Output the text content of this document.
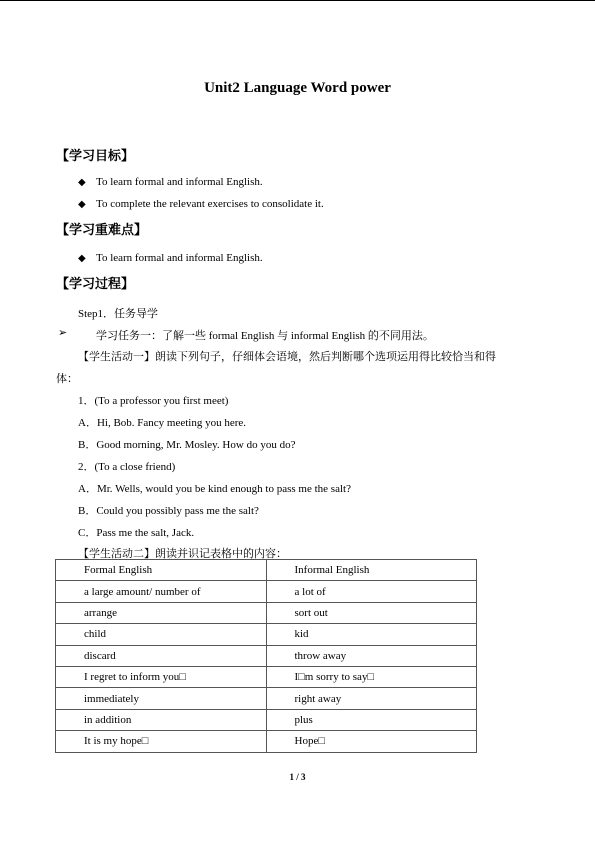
Unit2 Language Word power
【学习目标】
◆ To learn formal and informal English.
◆ To complete the relevant exercises to consolidate it.
【学习重难点】
◆ To learn formal and informal English.
【学习过程】
Step1．任务导学
➢	学习任务一：了解一些 formal English 与 informal English 的不同用法。
【学生活动一】朗读下列句子，仔细体会语境，然后判断哪个选项运用得比较恰当和得
体：
1．(To a professor you first meet)
A．Hi, Bob. Fancy meeting you here.
B．Good morning, Mr. Mosley. How do you do?
2．(To a close friend)
A．Mr. Wells, would you be kind enough to pass me the salt?
B．Could you possibly pass me the salt?
C．Pass me the salt, Jack.
【学生活动二】朗读并识记表格中的内容：
Formal English	Informal English
a large amount/ number of	a lot of
arrange	sort out
child	kid
discard	throw away
I regret to inform you□	I□m sorry to say□
immediately	right away
in addition	plus
It is my hope□	Hope□
1 / 3
